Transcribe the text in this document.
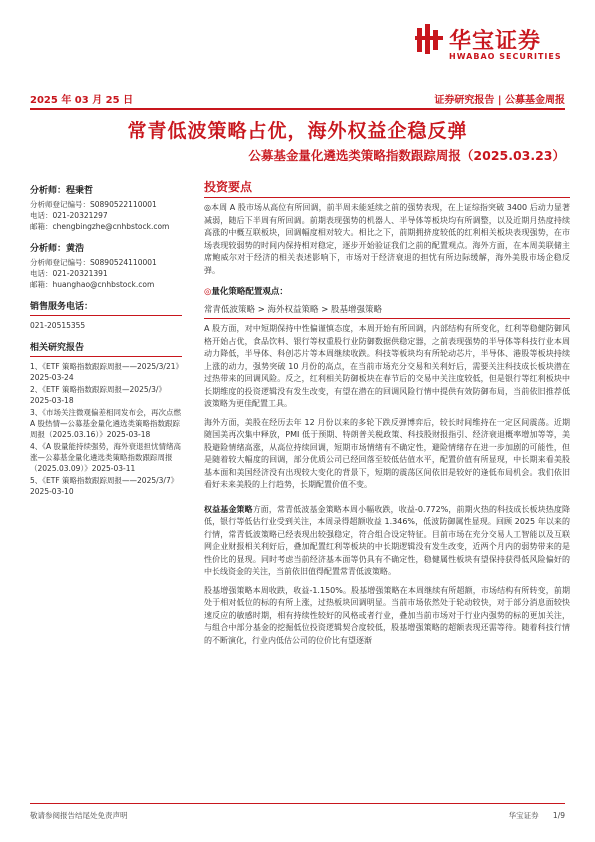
华宝证券
HWABAO SECURITIES
2025 年 03 月 25 日	证券研究报告 | 公募基金周报
常青低波策略占优，海外权益企稳反弹
公募基金量化遴选类策略指数跟踪周报（2025.03.23）
分析师：程秉哲
分析师登记编号：S0890522110001
电话：021-20321297
邮箱：chengbingzhe@cnhbstock.com
分析师：黄浩
分析师登记编号：S0890524110001
电话：021-20321391
邮箱：huanghao@cnhbstock.com
销售服务电话：
021-20515355
相关研究报告
1、《ETF 策略指数跟踪周报——2025/3/21》2025-03-24
2、《ETF 策略指数跟踪周报—2025/3/》2025-03-18
3、《市场关注微观偏差相同发布会，再次点燃 A 股热情—公募基金量化遴选类策略指数跟踪周报（2025.03.16）》2025-03-18
4、《A 股量能持续强势，海外衰退担忧情绪高涨—公募基金量化遴选类策略指数跟踪周报（2025.03.09）》2025-03-11
5、《ETF 策略指数跟踪周报——2025/3/7》2025-03-10
投资要点

◎本周 A 股市场从高位有所回调，前半周未能延续之前的强势表现，在上证综指突破 3400 后动力显著减弱，随后下半周有所回调。前期表现强势的机器人、半导体等板块均有所调整，以及近期月热度持续高涨的中概互联板块，回调幅度相对较大。相比之下，前期拥挤度较低的红利相关板块表现强势，在市场表现较弱势的时间内保持相对稳定，逐步开始验证我们之前的配置观点。海外方面，在本周美联储主席鲍威尔对于经济的相关表述影响下，市场对于经济衰退的担忧有所边际缓解，海外美股市场企稳反弹。

◎量化策略配置观点：
常青低波策略 > 海外权益策略 > 股基增强策略

A 股方面，对中短期保持中性偏谨慎态度，本周开始有所回调，内部结构有所变化，红利等稳健防御风格开始占优，食品饮料、银行等权重股行业防御数据供稳定器，之前表现强势的半导体等科技行业本周动力降低，半导体、科创芯片等本周继续收跌。科技等板块均有所轮动芯片，半导体、港股等板块持续上涨的动力，强势突破 10 月份的高点，在当前市场充分交易和关利好后，需要关注科技成长板块潜在过热带来的回调风险。反之，红利相关防御板块在春节后的交易中关注度较低，但是银行等红利板块中长期维度的投资逻辑没有发生改变，有望在潜在的回调风险行情中提供有效防御布局，当前依旧推荐低波策略为更佳配置工具。

海外方面，美股在经历去年 12 月份以来的多轮下跌反弹博弈后，较长时间维持在一定区间震荡。近期随国美再次集中释放，PMI 低于预期、特朗普关税政策、科技股财报指引、经济衰退概率增加等等，美股避险情绪高涨，从高位持续回调，短期市场情绪有不确定性，避险情绪存在进一步加剧的可能性，但是随着较大幅度的回调，部分优质公司已经回落至较低估值水平，配置价值有所显现，中长期来看美股基本面和美国经济没有出现较大变化的背景下，短期的震荡区间依旧是较好的逢低布局机会。我们依旧看好未来美股的上行趋势，长期配置价值不变。

权益基金策略方面，常青低波基金策略本周小幅收跌，收益-0.772%，前期火热的科技成长板块热度降低，银行等低估行业受到关注，本周录得超额收益 1.346%，低波防御属性显现。回顾 2025 年以来的行情，常青低波策略已经表现出较强稳定，符合组合设定特征。目前市场在充分交易人工智能以及互联网企业财报相关利好后，叠加配置红利等板块的中长期逻辑没有发生改变，近两个月内的弱势带来的是性价比的显现。同时考虑当前经济基本面等仍具有不确定性，稳健属性板块有望保持获得低风险偏好的中长线资金的关注，当前依旧值得配置常青低波策略。

股基增强策略本周收跌，收益-1.150%。股基增强策略在本周继续有所超额，市场结构有所转变，前期处于相对低位的标的有所上涨，过热板块回调明显。当前市场依然处于轮动较快，对于部分消息面较快速反应的敏感时期，相有持续性较好的风格或者行业，叠加当前市场对于行业内强势的标的更加关注，与组合中部分基金的挖掘低位投资逻辑契合度较低，股基增强策略的超额表现还需等待。随着科技行情的不断演化，行业内低估公司的位价比有望逐渐

敬请参阅报告结尾处免责声明	华宝证券 1/9
